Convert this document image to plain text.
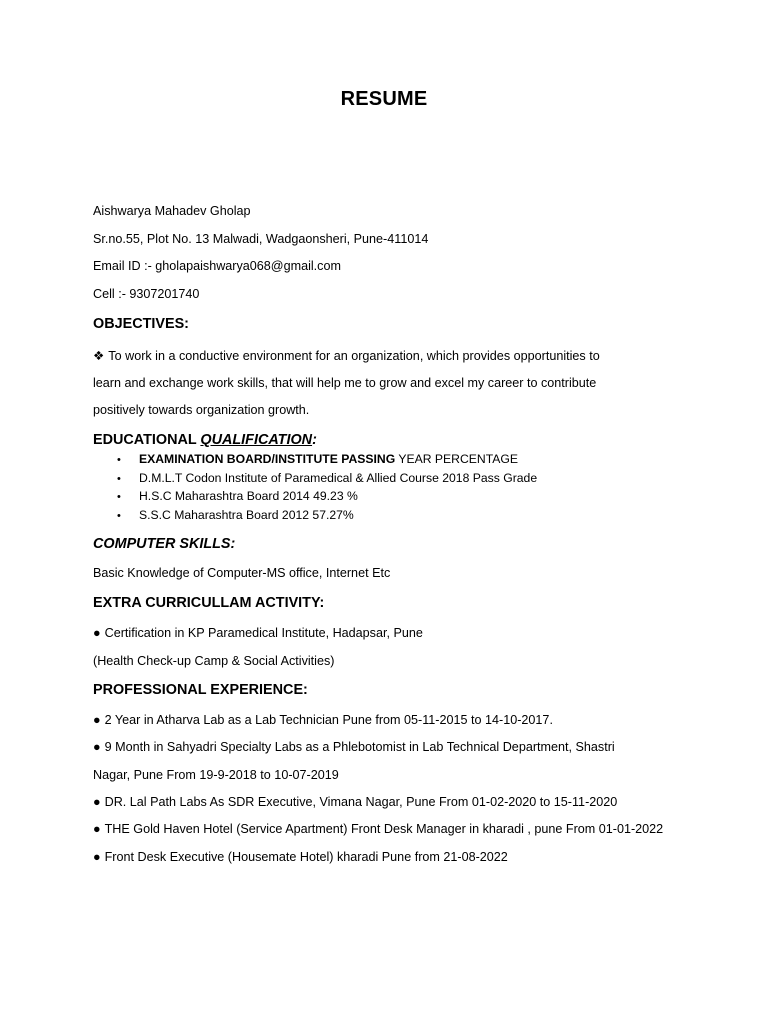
RESUME
Aishwarya Mahadev Gholap
Sr.no.55, Plot No. 13 Malwadi, Wadgaonsheri, Pune-411014
Email ID :- gholapaishwarya068@gmail.com
Cell :- 9307201740
OBJECTIVES:
❖ To work in a conductive environment for an organization, which provides opportunities to
learn and exchange work skills, that will help me to grow and excel my career to contribute
positively towards organization growth.
EDUCATIONAL QUALIFICATION:
• EXAMINATION BOARD/INSTITUTE PASSING YEAR PERCENTAGE
• D.M.L.T Codon Institute of Paramedical & Allied Course 2018 Pass Grade
• H.S.C Maharashtra Board 2014 49.23 %
• S.S.C Maharashtra Board 2012 57.27%
COMPUTER SKILLS:
Basic Knowledge of Computer-MS office, Internet Etc
EXTRA CURRICULLAM ACTIVITY:
● Certification in KP Paramedical Institute, Hadapsar, Pune
(Health Check-up Camp & Social Activities)
PROFESSIONAL EXPERIENCE:
● 2 Year in Atharva Lab as a Lab Technician Pune from 05-11-2015 to 14-10-2017.
● 9 Month in Sahyadri Specialty Labs as a Phlebotomist in Lab Technical Department, Shastri
Nagar, Pune From 19-9-2018 to 10-07-2019
● DR. Lal Path Labs As SDR Executive, Vimana Nagar, Pune From 01-02-2020 to 15-11-2020
● THE Gold Haven Hotel (Service Apartment) Front Desk Manager in kharadi , pune From 01-01-2022
● Front Desk Executive (Housemate Hotel) kharadi Pune from 21-08-2022
